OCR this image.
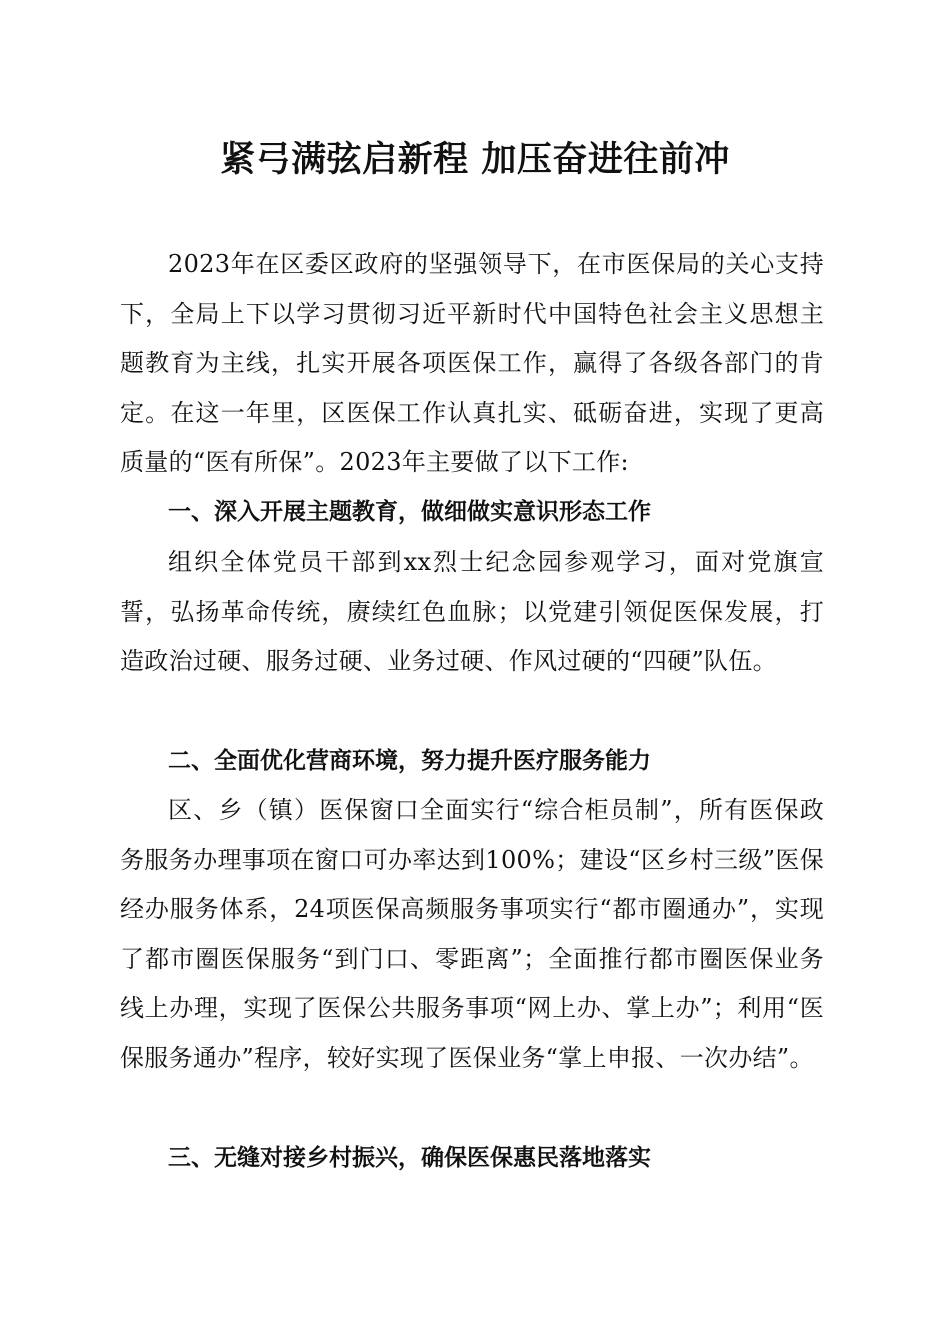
紧弓满弦启新程 加压奋进往前冲

2023年在区委区政府的坚强领导下，在市医保局的关心支持下，全局上下以学习贯彻习近平新时代中国特色社会主义思想主题教育为主线，扎实开展各项医保工作，赢得了各级各部门的肯定。在这一年里，区医保工作认真扎实、砥砺奋进，实现了更高质量的“医有所保”。2023年主要做了以下工作:

一、深入开展主题教育，做细做实意识形态工作

组织全体党员干部到xx烈士纪念园参观学习，面对党旗宣誓，弘扬革命传统，赓续红色血脉；以党建引领促医保发展，打造政治过硬、服务过硬、业务过硬、作风过硬的“四硬”队伍。

二、全面优化营商环境，努力提升医疗服务能力

区、乡（镇）医保窗口全面实行“综合柜员制”，所有医保政务服务办理事项在窗口可办率达到100%；建设“区乡村三级”医保经办服务体系，24项医保高频服务事项实行“都市圈通办”，实现了都市圈医保服务“到门口、零距离”；全面推行都市圈医保业务线上办理，实现了医保公共服务事项“网上办、掌上办”；利用“医保服务通办”程序，较好实现了医保业务“掌上申报、一次办结”。

三、无缝对接乡村振兴，确保医保惠民落地落实
